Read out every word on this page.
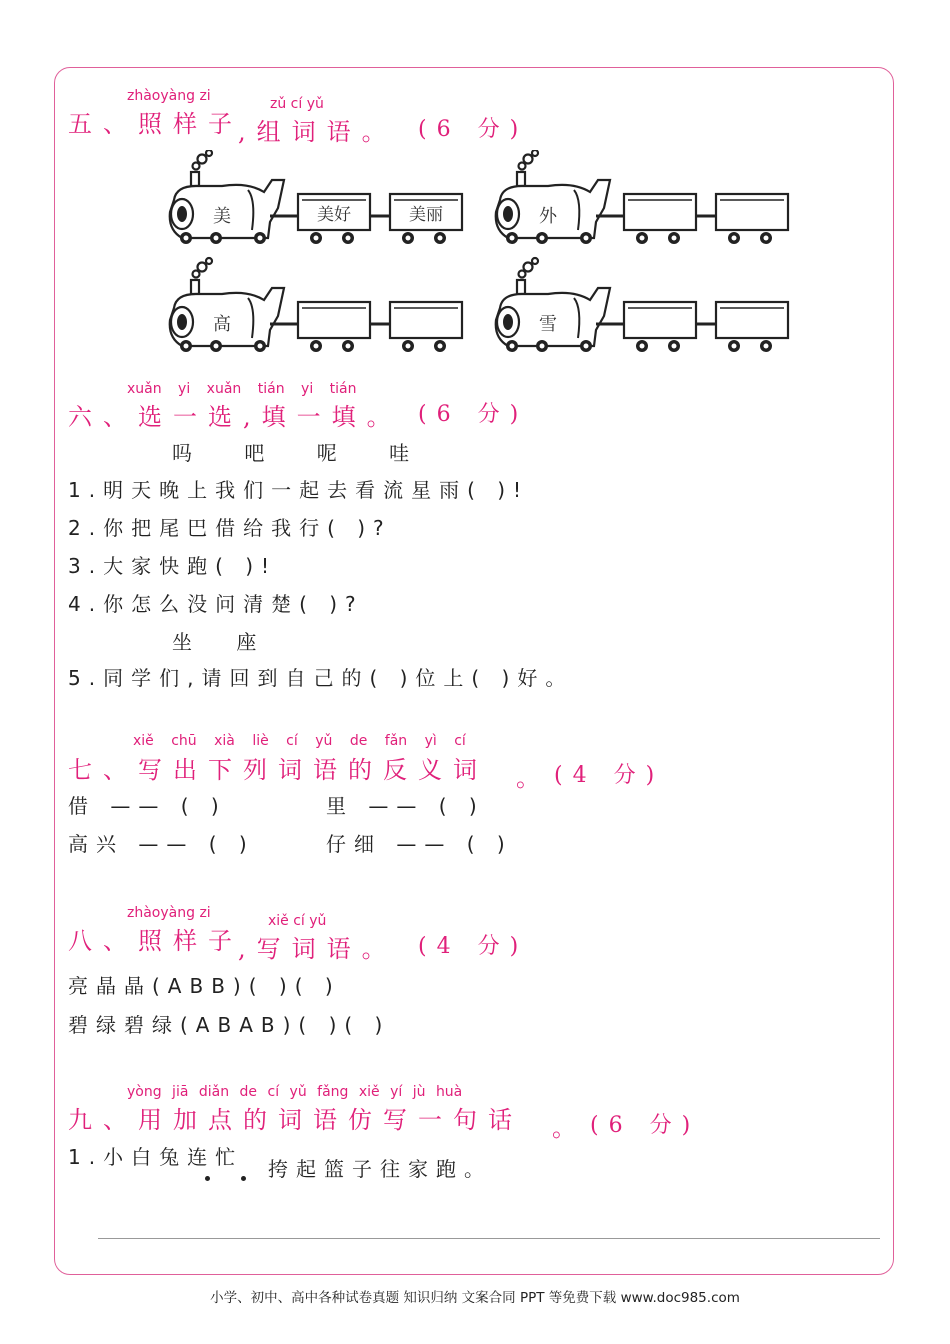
zhàoyàng zi
五、照样子
zǔ cí yǔ
,组词语。 (6 分)
美	美好	美丽	外
高	雪
xuǎn yi xuǎn tián yi tián
六、选一选,填一填。 (6 分)
吗 吧 呢 哇
1.明天晚上我们一起去看流星雨( )!
2.你把尾巴借给我行( )?
3.大家快跑( )!
4.你怎么没问清楚( )?
坐 座
5.同学们,请回到自己的( )位上( )好。
xiě chū xià liè cí yǔ de fǎn yì cí
七、写出下列词语的反义词 。 (4 分)
借 —— ( )	里 —— ( )
高兴 —— ( )	仔细 —— ( )
zhàoyàng zi
八、照样子
xiě cí yǔ
,写词语。 (4 分)
亮晶晶(ABB)( )( )
碧绿碧绿(ABAB)( )( )
yòng jiā diǎn de cí yǔ fǎng xiě yí jù huà
九、用加点的词语仿写一句话 。 (6 分)
1.小白兔连忙 挎起篮子往家跑。
小学、初中、高中各种试卷真题 知识归纳 文案合同 PPT 等免费下载 www.doc985.com
